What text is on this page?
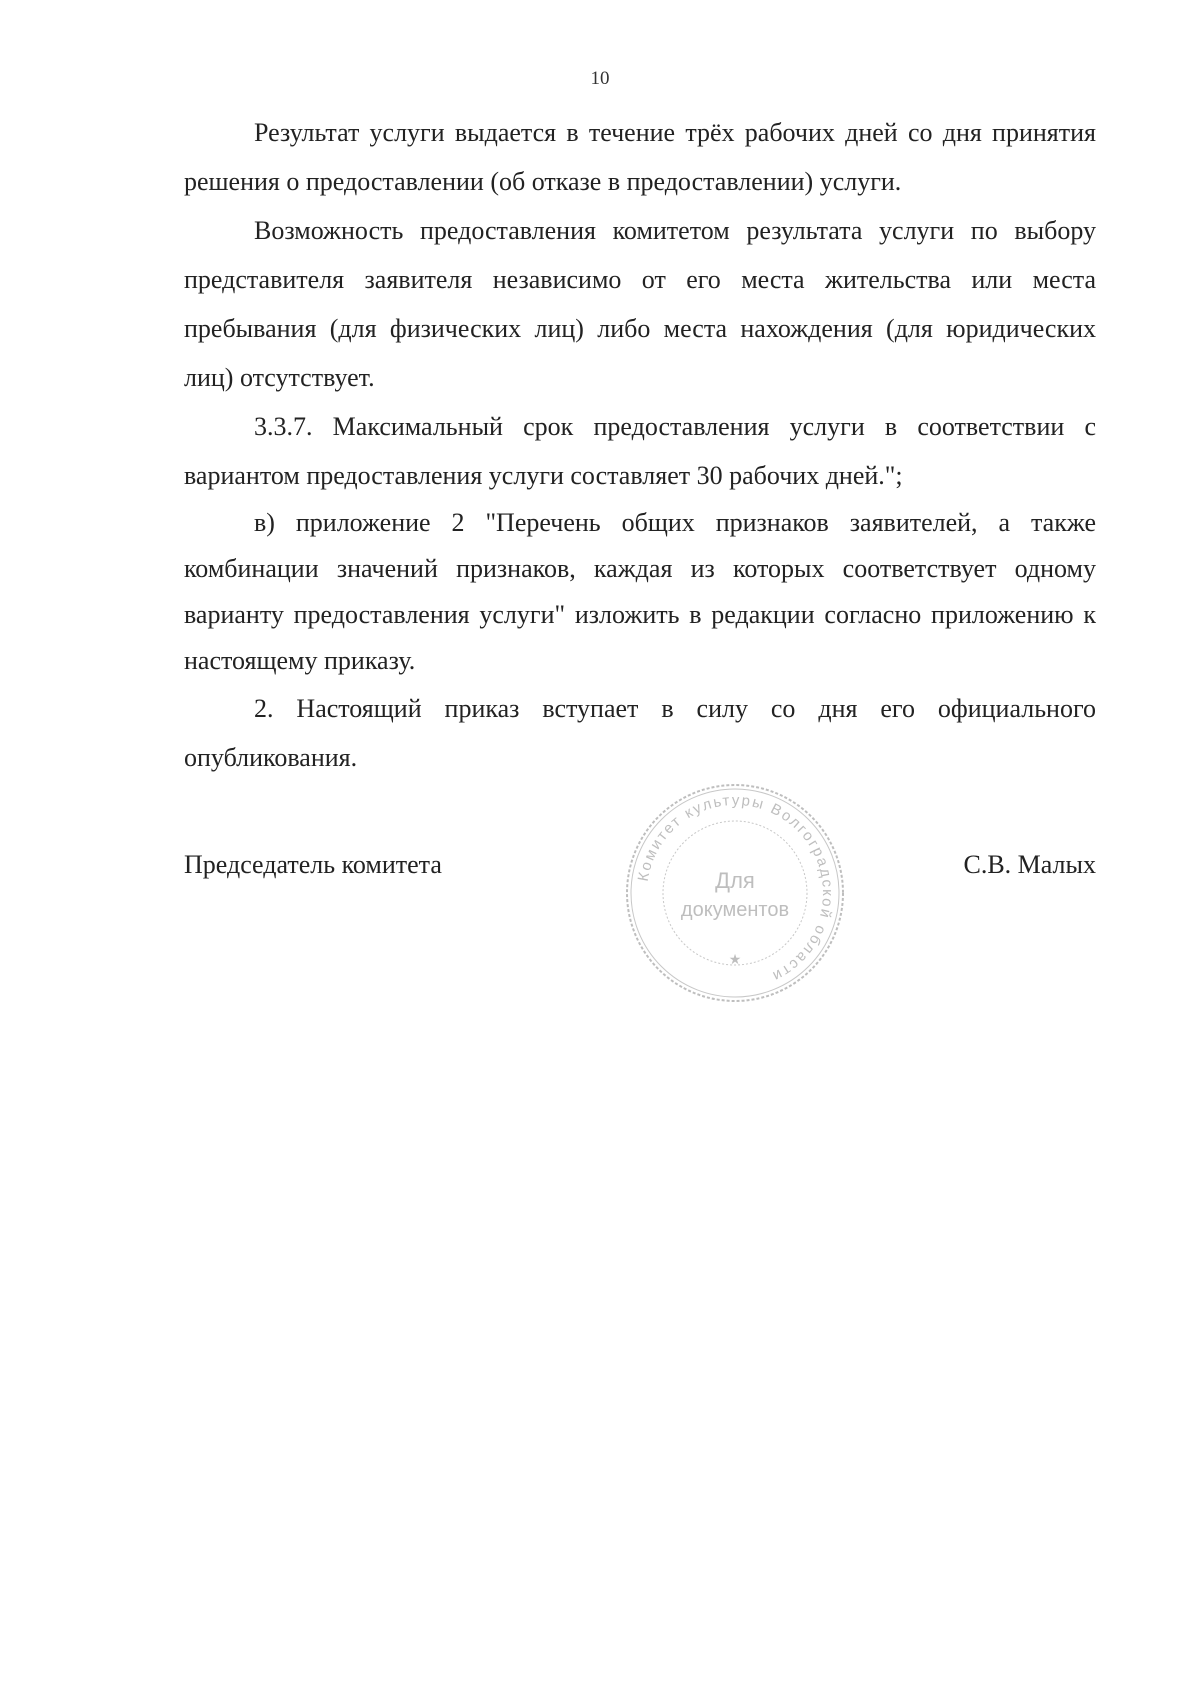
10

Результат услуги выдается в течение трёх рабочих дней со дня принятия решения о предоставлении (об отказе в предоставлении) услуги.

Возможность предоставления комитетом результата услуги по выбору представителя заявителя независимо от его места жительства или места пребывания (для физических лиц) либо места нахождения (для юридических лиц) отсутствует.

3.3.7. Максимальный срок предоставления услуги в соответствии с вариантом предоставления услуги составляет 30 рабочих дней.";

в) приложение 2 "Перечень общих признаков заявителей, а также комбинации значений признаков, каждая из которых соответствует одному варианту предоставления услуги" изложить в редакции согласно приложению к настоящему приказу.

2. Настоящий приказ вступает в силу со дня его официального опубликования.

Комитет культуры Волгоградской области
Для
документов
★
Председатель комитета	С.В. Малых
